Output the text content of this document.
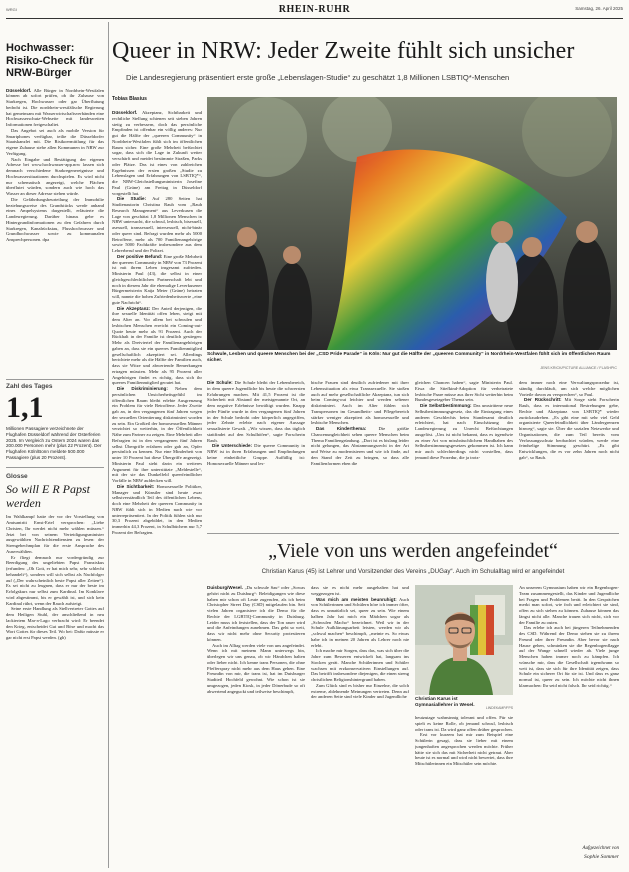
WRGI	RHEIN-RUHR	Samstag, 26. April 2025
Hochwasser: Risiko-Check für NRW-Bürger

Düsseldorf. Alle Bürger in Nordrhein-Westfalen können ab sofort prüfen, ob ihr Zuhause von Starkregen, Hochwasser oder gar Überflutung bedroht ist. Die nordrhein-westfälische Regierung hat gemeinsam mit Wasserwirtschaftsverbänden eine Hochwasserschutz-Webseite mit landesweiten Informationen freigeschaltet.

Das Angebot sei auch als mobile Version für Smartphones verfügbar, teilte die Düsseldorfer Staatskanzlei mit. Die Risikoermittlung für das eigene Zuhause stehe allen Kommunen in NRW zur Verfügung.

Nach Eingabe und Bestätigung der eigenen Adresse bei www.hochwasser-app.nrw lassen sich demnach verschiedene Starkregenereignisse und Hochwassersituationen durchspielen. Es wird nicht nur schematisch angezeigt, welche Flächen überflutet würden, sondern auch wie hoch das Wasser an dieser Adresse stehen würde.

Die Gefährdungsbeurteilung der Immobilie beziehungsweise des Grundstücks werde anhand eines Ampelsystems dargestellt, erläuterte die Landesregierung. Darüber hinaus gebe es Hintergrundinformationen zu den Gefahren durch Starkregen, Kanalrückstau, Flusshochwasser und Grundhochwasser sowie zu kommunalen Ansprechpersonen. dpa

Zahl des Tages
1,1
Millionen Passagiere verzeichnete der Flughafen Düsseldorf während der Osterferien 2025. Im Vergleich zu Ostern 2024 waren das 200.000 Personen mehr (plus 22 Prozent). Der Flughafen Köln/Bonn meldete 500.000 Passagiere (plus 20 Prozent).
Glosse
So will E R Papst werden

Im Wahlkampf hatte der vor der Vorstellung von Amtsantritt Ernst-Ertel versprochen: „Liebe Christen, Ihr werdet nicht mehr wählen müssen.“ Jetzt bei von seinem Verteidigungsminister ausgewählten Nachrichtendiensten zu lesen: der Strengebechmplan für die erste Ansprache des Auserwählten.

Er fliegt demnach nur vordergründig zur Beerdigung des ungeliebten Papst Franziskus (erfunden: „Oh Gott, er hat mich sehr, sehr schlecht behandelt“), sondern will sich selbst als Nachfolger auf („Der wahrscheinlich beste Papst aller Zeiten“). Es sei nicht zu leugnen, dass er nur der beste im Erfolgskurs nur selbst zum Kardinal. Im Konklave wird abgestimmt, bis er gewählt ist, und sich kein Kardinal rührt, wenn der Rauch aufsteigt.

Seine erste Handlung als Stellvertreter Gottes auf dem Heiligen Stuhl, der anschließend in neu lackiertem Mar-a-Lago verbracht wird: Er beendet den Krieg, entscheidet Gut und Böse und macht das Wort Gottes für dieses Teil. Wo bei: Dafür müsste er gar nicht erst Papst werden. (gh)

Queer in NRW: Jeder Zweite fühlt sich unsicher
Die Landesregierung präsentiert erste große „Lebenslagen-Studie“ zu geschätzt 1,8 Millionen LSBTIQ*-Menschen
Tobias Blasius

Düsseldorf. Akzeptanz, Sichtbarkeit und rechtliche Stellung schienen seit sieben Jahren stetig zu verbessern, doch das persönliche Empfinden ist offenbar ein völlig anderes: Nur gut die Hälfte der „queeren Community“ in Nordrhein-Westfalen fühlt sich im öffentlichen Raum sicher. Eine große Mehrheit befürchtet sogar, dass sich die Lage in Zukunft weiter verschärft und meidet bestimmte Straßen, Parks oder Plätze. Das ist eines von zahlreichen Ergebnissen der ersten großen „Studie zu Lebenslagen und Erfahrungen von LSBTIQ*“, die NRW-Gleichstellungsministerin Josefine Paul (Grüne) am Freitag in Düsseldorf vorgestellt hat.

Die Studie: Auf 280 Seiten hat Studienautorin Christina Rauh vom „Rauh Research Management“ aus Leverkusen die Lage von geschätzt 1,8 Millionen Menschen in NRW untersucht, die schwul, lesbisch, bisexuell, asexuell, transsexuell, intersexuell, nicht-binär oder queer sind. Befragt wurden mehr als 5000 Betroffene, mehr als 700 Familienangehörige sowie 5000 Fachkräfte insbesondere aus dem Lehrerberuf und der Polizei.

Der positive Befund: Eine große Mehrheit der queeren Community in NRW von 73 Prozent ist mit ihrem Leben insgesamt zufrieden. Ministerin Paul (43), die selbst in einer gleichgeschlechtlichen Partnerschaft lebt und noch in diesem Jahr die ehemalige Leverkusener Bürgermeisterin Katja Meier (Grüne) heiraten will, nannte die hohen Zufriedenheitswerte „eine gute Nachricht“.

Die Akzeptanz: Der Anteil derjenigen, die ihre sexuelle Identität offen leben, steigt mit dem Alter an. Vor allem bei schwulen und lesbischen Menschen erreicht ein Coming-out-Quote heute mehr als 91 Prozent. Auch der Rückhalt in der Familie ist deutlich gestiegen: Mehr als Dreiviertel der Familienangehörigen gaben an, dass sie ein queeres Familienmitglied gesellschaftlich akzeptiert sei. Allerdings berichtete mehr als die Hälfte der Familien auch, dass sie Witze und abwertende Bemerkungen ertragen müssten. Mehr als 95 Prozent aller Angehörigen findet es richtig, dass sich ihr queeres Familienmitglied geoutet hat.

Die Diskriminierung: Neben dem persönlichen Unsicherheitsgefühl im öffentlichen Raum bleibt erlebte Ausgrenzung ein Problem für viele Betroffene. Jeder Zweite gab an, in den vergangenen fünf Jahren wegen der sexuellen Orientierung diskriminiert worden zu sein. Ein Großteil der homosexuellen Männer verzichtet so weiterhin, in der Öffentlichkeit Nähe zum Partner zu zeigen. Eine Mehrheit aller Befragten ist in den vergangenen fünf Jahren selbst Übergriffe erfahren oder gab an, Opfer persönlich zu kennen. Nur eine Minderheit von unter 10 Prozent hat diese Übergriffe angezeigt. Ministerin Paul sieht darin ein weiteres Argument für ihre unterstützte „Meldestelle“, mit der sie das Dunkelfeld queerfeindlicher Vorfälle in NRW aufdecken will.

Die Sichtbarkeit: Homosexuelle Politiker, Manager und Künstler sind heute zwar selbstverständlich Teil des öffentlichen Lebens, doch eine Mehrheit der queeren Community in NRW fühlt sich in Medien nach wie vor unterrepräsentiert. In der Politik fühlen sich nur 30,3 Prozent abgebildet, in den Medien immerhin 44,3 Prozent, in Schulbüchern nur 5,7 Prozent der Befragten.

Schwule, Lesben und queere Menschen bei der „CSD Pride Parade“ in Köln: Nur gut die Hälfte der „queeren Community“ in Nordrhein-Westfalen fühlt sich im öffentlichen Raum sicher.
JENS KRICK/PICTURE ALLIANCE / FLASHPIC

Die Schule: Die Schule bleibt der Lebensbereich, in dem queere Jugendliche bis heute die schwersten Erfahrungen machen. Mit 41,5 Prozent ist die Sicherheit mit Abstand der meistgenannte Ort, an dem negative Erlebnisse bewältigt wurden. Knapp jeder Fünfte wurde in den vergangenen fünf Jahren in der Schule bedroht oder körperlich angegriffen, jeder Zehnte erlebte nach eigener Aussage sexualisierte Gewalt. „Wir wissen, dass das täglich stattfindet auf den Schulhöfen“, sagte Forscherin Rauh.

Die Unterschiede: Die queere Community in NRW ist in ihren Erfahrungen und Empfindungen keine einheitliche Gruppe. Auffällig ist: Homosexuelle Männer und les-

bische Frauen sind deutlich zufriedener mit ihrer Lebenssituation als etwa Transsexuelle. Sie stoßen auch auf mehr gesellschaftliche Akzeptanz, tun sich beim Coming-out leichter und werden seltener diskriminiert. Auch im Alter fühlen sich Transpersonen im Gesundheits- und Pflegebereich stärker weniger akzeptiert als homosexuelle und lesbische Menschen.

Das Kinderthema: Die größte Chancenungleichheit sehen queere Menschen beim Thema Familiengründung. „Dort ist es bislang leider nicht gelungen, das Abstammungsrecht in der Art und Weise zu modernisieren und wie ich finde, auf den Stand der Zeit zu bringen, so dass alle Familienformen eben die

gleichen Chancen haben“, sagte Ministerin Paul. Etwa die Stiefkind-Adoption für verheiratete lesbische Paare müsse aus ihrer Sicht weiterhin beim Bundesgesetzgeber Thema sein.

Die Selbstbestimmung: Das umstrittene neue Selbstbestimmungsgesetz, das die Eintragung eines anderen Geschlechts beim Standesamt deutlich erleichtert, hat nach Einschätzung der Landesregierung zu Unrecht Befürchtungen ausgelöst. „Uns ist nicht bekannt, dass es irgendwie zu einer Art von missbräuchlichem Handhaben des Selbstbestimmungsgesetzes gekommen ist. Ich kann mir auch schlechterdings nicht vorstellen, dass jemand diese Prozedur, die ja trotz-

dem immer noch eine Verwaltungsprozedur ist, ständig durchläuft, um sich welche möglichen Vorteile davon zu versprechen“, so Paul.

Der Rückschritt: Mit Sorge sieht Forscherin Rauh, dass es international Bestrebungen gebe, Rechte und Akzeptanz von LSBTIQ* wieder zurückzudrehen. „Es gibt eine mit sehr viel Geld organisierte Queerfeindlichkeit über Ländergrenzen hinweg“, sagte sie. Über die sozialen Netzwerke und Organisationen, die zum Teil bereits vom Verfassungsschutz beobachtet würden, werde eine feindselige Stimmung geschürt. „Es gibt Entwicklungen, die es vor zehn Jahren noch nicht gab“, so Rauh.

„Viele von uns werden angefeindet“
Christian Karus (45) ist Lehrer und Vorsitzender des Vereins „DUGay“. Auch im Schulalltag wird er angefeindet

Duisburg/Wesel. „Du schwule Sau“ oder „Sowas gehört nicht zu Duisburg“: Beleidigungen wie diese haben mir schon oft Leute zugerufen, als ich beim Christopher Street Day (CSD) mitgelaufen bin. Seit vielen Jahren organisiere ich die Demo für die Rechte der LGBTIQ-Community in Duisburg. Leider muss ich feststellen, dass der Ton rauer wird und die Anfeindungen zunehmen. Das geht so weit, dass wir nicht mehr ohne Security protestieren können.

Auch im Alltag werden viele von uns angefeindet. Wenn ich mit meinem Mann unterwegs bin, überlegen wir uns genau, ob wir Händchen halten oder lieber nicht. Ich kenne trans Personen, die ohne Pfefferspray nicht mehr aus dem Haus gehen. Eine Freundin von mir, die trans ist, hat im Duisburger Stadtteil Hochfeld gewohnt. Wie schon ist sie umgezogen, jeden Kiosk, in jeder Dönerbude so oft abwertend angeguckt und teilweise beschimpft,

dass sie es nicht mehr ausgehalten hat und weggezogen ist.

Was mich am meisten beunruhigt: Auch von Schülerinnen und Schülern höre ich immer öfter, dass es unnatürlich sei, queer zu sein. Wie einem halben Jahr hat mich ein Mädchen sogar als „Schwulen Macho“ bezeichnet. Weil wir in der Schule Aufklärungsarbeit leisten, werden wir als „schwul machen“ beschimpft, „meinte es. So etwas habe ich in meinen 20 Jahren als Lehrer noch nie erlebt.

Ich mache mir Sorgen, dass das, was sich über die Jahre zum Besseren entwickelt hat, langsam ins Stocken gerät. Manche Schülerinnen und Schüler wachsen mit erzkonservativen Einstellungen auf. Das betrifft insbesondere diejenigen, die einen streng christlichen Religionshintergrund haben.

Zum Glück sind es bisher nur Einzelne, die solch extreme, ablehnende Meinungen vertreten. Denn auf der anderen Seite sind viele Kinder und Jugendliche

Christian Karus ist Gymnasiallehrer in Wesel.	LINDEKAMP/FPS

heutzutage wahnsinnig tolerant und offen. Für sie spielt es keine Rolle, ob jemand schwul, lesbisch oder trans ist. Da wird ganz offen drüber gesprochen.

Erst vor kurzem hat mir zum Beispiel eine Schülerin gesagt, dass sie lieber mit einem jungenhaften angesprochen werden möchte. Früher hätte sie sich das mit Sicherheit nicht getraut. Aber heute ist es normal und wird nicht bewertet, dass ihre Mitschülerinnen ein Mitschüler sein möchte.

An unserem Gymnasium haben wir ein Regenbogen-Team zusammengestellt, das Kinder und Jugendliche bei Fragen und Problemen berät. In den Gesprächen merkt man sofort, wie froh und erleichtert sie sind, offen zu sich stehen zu können. Zuhause können das längst nicht alle. Manche trauen sich nicht, sich vor der Familie zu outen.

Das erlebe ich auch bei jüngeren Teilnehmenden des CSD. Während der Demo stehen sie zu ihrem Freund oder ihrer Freundin. Aber bevor sie nach Hause gehen, schminken sie die Regenbogenflagge auf der Wange schnell wieder ab. Viele junge Menschen haben immer noch zu kämpfen. Ich wünsche mir, dass die Gesellschaft irgendwann so weit ist, dass sie sich für ihre Identität zeigen, dass Schule ein sicherer Ort für sie ist. Und dass es ganz normal ist, queer zu sein. Ich möchte nicht ihnen klarmachen: Ihr seid nicht falsch. Ihr seid richtig.“

Aufgezeichnet von
Sophie Sommer
